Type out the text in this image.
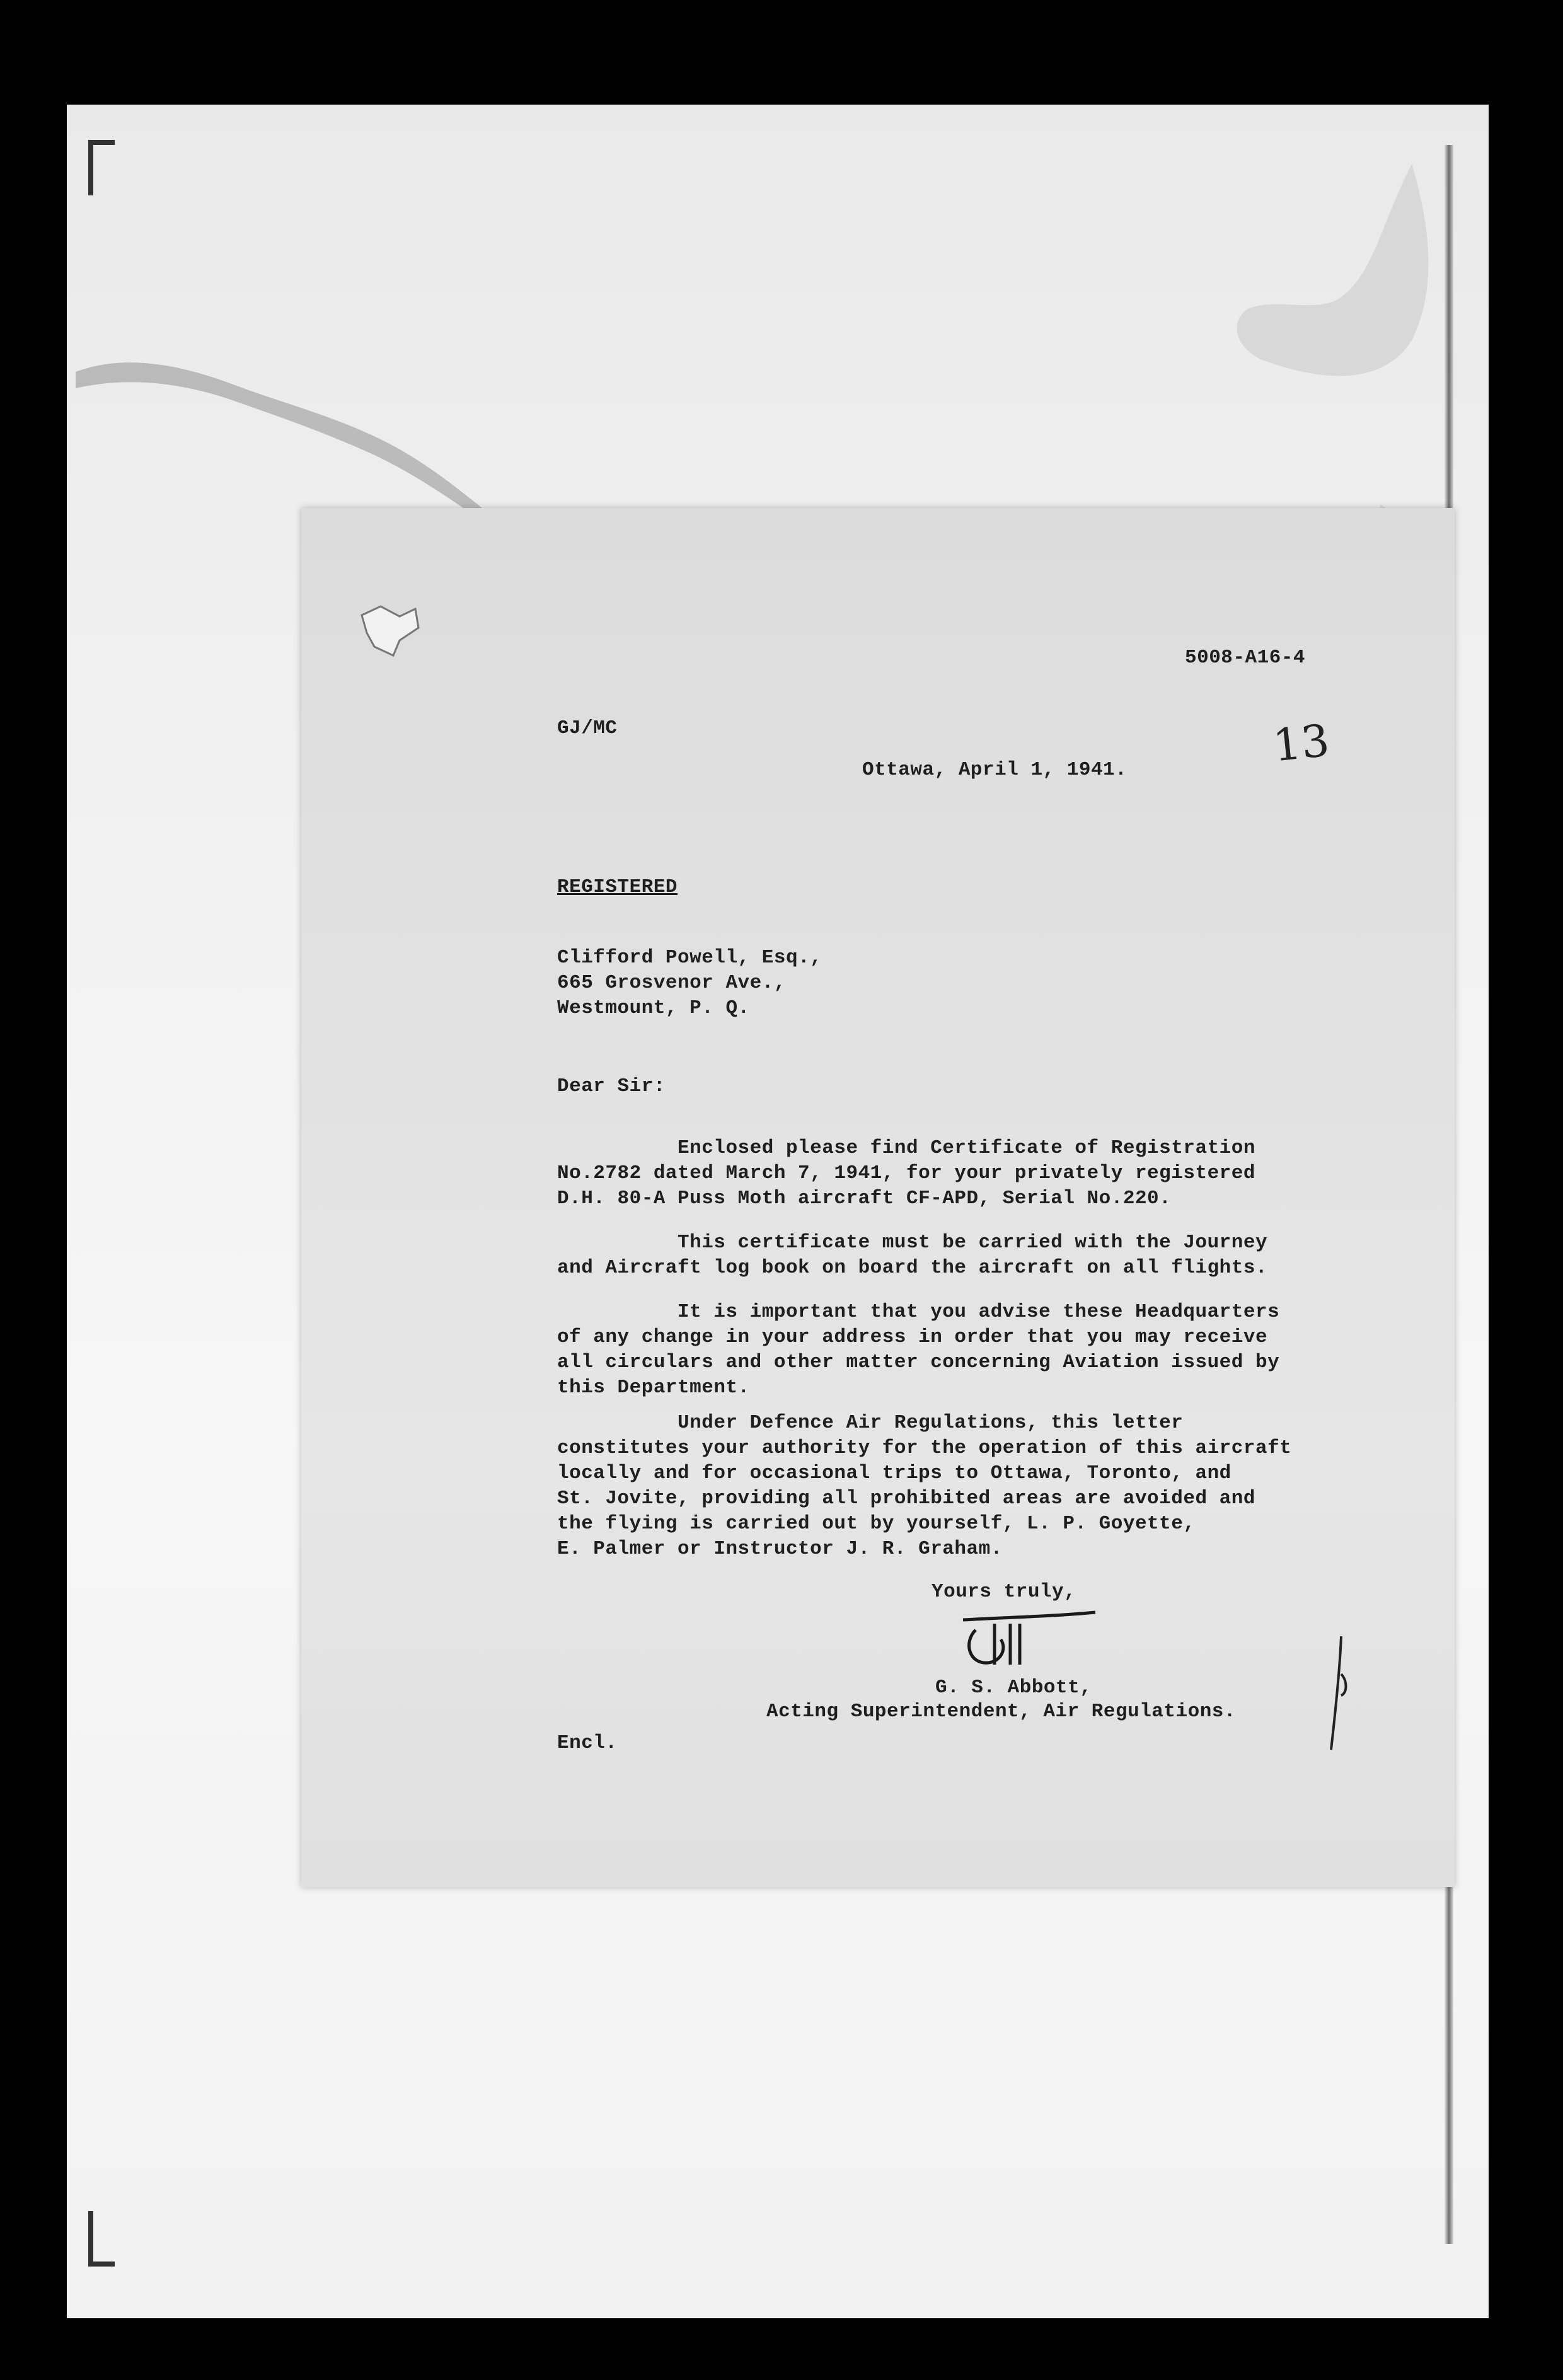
5008-A16-4
GJ/MC
Ottawa, April 1, 1941.	13
REGISTERED
Clifford Powell, Esq.,
665 Grosvenor Ave.,
Westmount, P. Q.
Dear Sir:
Enclosed please find Certificate of Registration
No.2782 dated March 7, 1941, for your privately registered
D.H. 80-A Puss Moth aircraft CF-APD, Serial No.220.
This certificate must be carried with the Journey
and Aircraft log book on board the aircraft on all flights.
It is important that you advise these Headquarters
of any change in your address in order that you may receive
all circulars and other matter concerning Aviation issued by
this Department.
Under Defence Air Regulations, this letter
constitutes your authority for the operation of this aircraft
locally and for occasional trips to Ottawa, Toronto, and
St. Jovite, providing all prohibited areas are avoided and
the flying is carried out by yourself, L. P. Goyette,
E. Palmer or Instructor J. R. Graham.
Yours truly,
G. S. Abbott,
Acting Superintendent, Air Regulations.
Encl.
